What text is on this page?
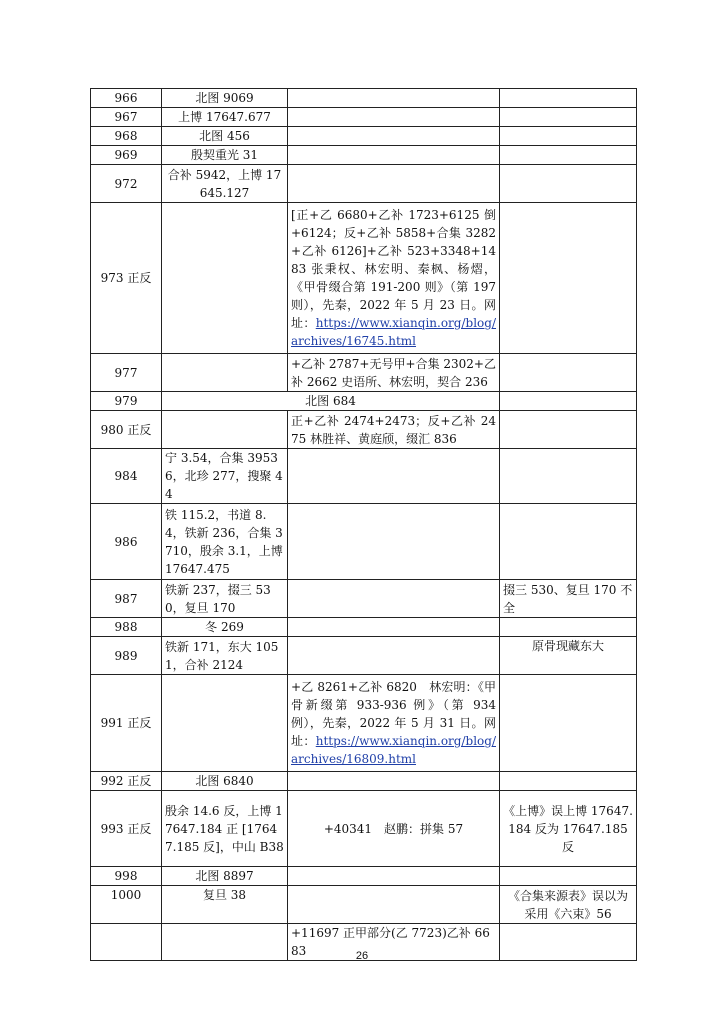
966	北图 9069		
967	上博 17647.677		
968	北图 456		
969	殷契重光 31		
972	合补 5942，上博 17645.127		
973 正反		[正+乙 6680+乙补 1723+6125 倒+6124；反+乙补 5858+合集 3282+乙补 6126]+乙补 523+3348+1483 张秉权、林宏明、秦枫、杨熠，《甲骨缀合第 191-200 则》（第 197 则），先秦，2022 年 5 月 23 日。网址：https://www.xianqin.org/blog/archives/16745.html	
977		+乙补 2787+无号甲+合集 2302+乙补 2662 史语所、林宏明，契合 236	
979	北图 684		
980 正反		正+乙补 2474+2473；反+乙补 2475 林胜祥、黄庭颀，缀汇 836	
984	宁 3.54，合集 39536，北珍 277，搜聚 44		
986	铁 115.2，书道 8.4，铁新 236，合集 3710，殷余 3.1，上博 17647.475		
987	铁新 237，掇三 530，复旦 170		掇三 530、复旦 170 不全
988	冬 269		
989	铁新 171，东大 1051，合补 2124		原骨现藏东大
991 正反		+乙 8261+乙补 6820　林宏明：《甲骨新缀第 933-936 例》（第 934 例），先秦，2022 年 5 月 31 日。网址：https://www.xianqin.org/blog/archives/16809.html	
992 正反	北图 6840		
993 正反	殷余 14.6 反，上博 17647.184 正 [17647.185 反]，中山 B38	+40341　赵鹏：拼集 57	《上博》误上博 17647.184 反为 17647.185 反
998	北图 8897		
1000	复旦 38		《合集来源表》误以为采用《六束》56
		+11697 正甲部分(乙 7723)乙补 6683		26
